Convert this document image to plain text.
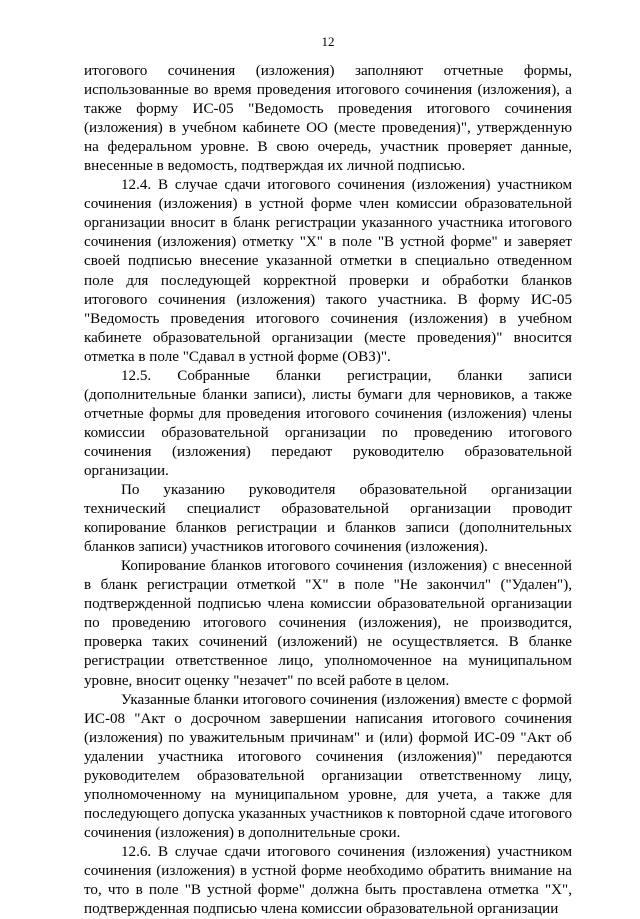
12

итогового сочинения (изложения) заполняют отчетные формы, использованные во время проведения итогового сочинения (изложения), а также форму ИС-05 "Ведомость проведения итогового сочинения (изложения) в учебном кабинете ОО (месте проведения)", утвержденную на федеральном уровне. В свою очередь, участник проверяет данные, внесенные в ведомость, подтверждая их личной подписью.

12.4. В случае сдачи итогового сочинения (изложения) участником сочинения (изложения) в устной форме член комиссии образовательной организации вносит в бланк регистрации указанного участника итогового сочинения (изложения) отметку "X" в поле "В устной форме" и заверяет своей подписью внесение указанной отметки в специально отведенном поле для последующей корректной проверки и обработки бланков итогового сочинения (изложения) такого участника. В форму ИС-05 "Ведомость проведения итогового сочинения (изложения) в учебном кабинете образовательной организации (месте проведения)" вносится отметка в поле "Сдавал в устной форме (ОВЗ)".

12.5. Собранные бланки регистрации, бланки записи (дополнительные бланки записи), листы бумаги для черновиков, а также отчетные формы для проведения итогового сочинения (изложения) члены комиссии образовательной организации по проведению итогового сочинения (изложения) передают руководителю образовательной организации.

По указанию руководителя образовательной организации технический специалист образовательной организации проводит копирование бланков регистрации и бланков записи (дополнительных бланков записи) участников итогового сочинения (изложения).

Копирование бланков итогового сочинения (изложения) с внесенной в бланк регистрации отметкой "X" в поле "Не закончил" ("Удален"), подтвержденной подписью члена комиссии образовательной организации по проведению итогового сочинения (изложения), не производится, проверка таких сочинений (изложений) не осуществляется. В бланке регистрации ответственное лицо, уполномоченное на муниципальном уровне, вносит оценку "незачет" по всей работе в целом.

Указанные бланки итогового сочинения (изложения) вместе с формой ИС-08 "Акт о досрочном завершении написания итогового сочинения (изложения) по уважительным причинам" и (или) формой ИС-09 "Акт об удалении участника итогового сочинения (изложения)" передаются руководителем образовательной организации ответственному лицу, уполномоченному на муниципальном уровне, для учета, а также для последующего допуска указанных участников к повторной сдаче итогового сочинения (изложения) в дополнительные сроки.

12.6. В случае сдачи итогового сочинения (изложения) участником сочинения (изложения) в устной форме необходимо обратить внимание на то, что в поле "В устной форме" должна быть проставлена отметка "X", подтвержденная подписью члена комиссии образовательной организации
